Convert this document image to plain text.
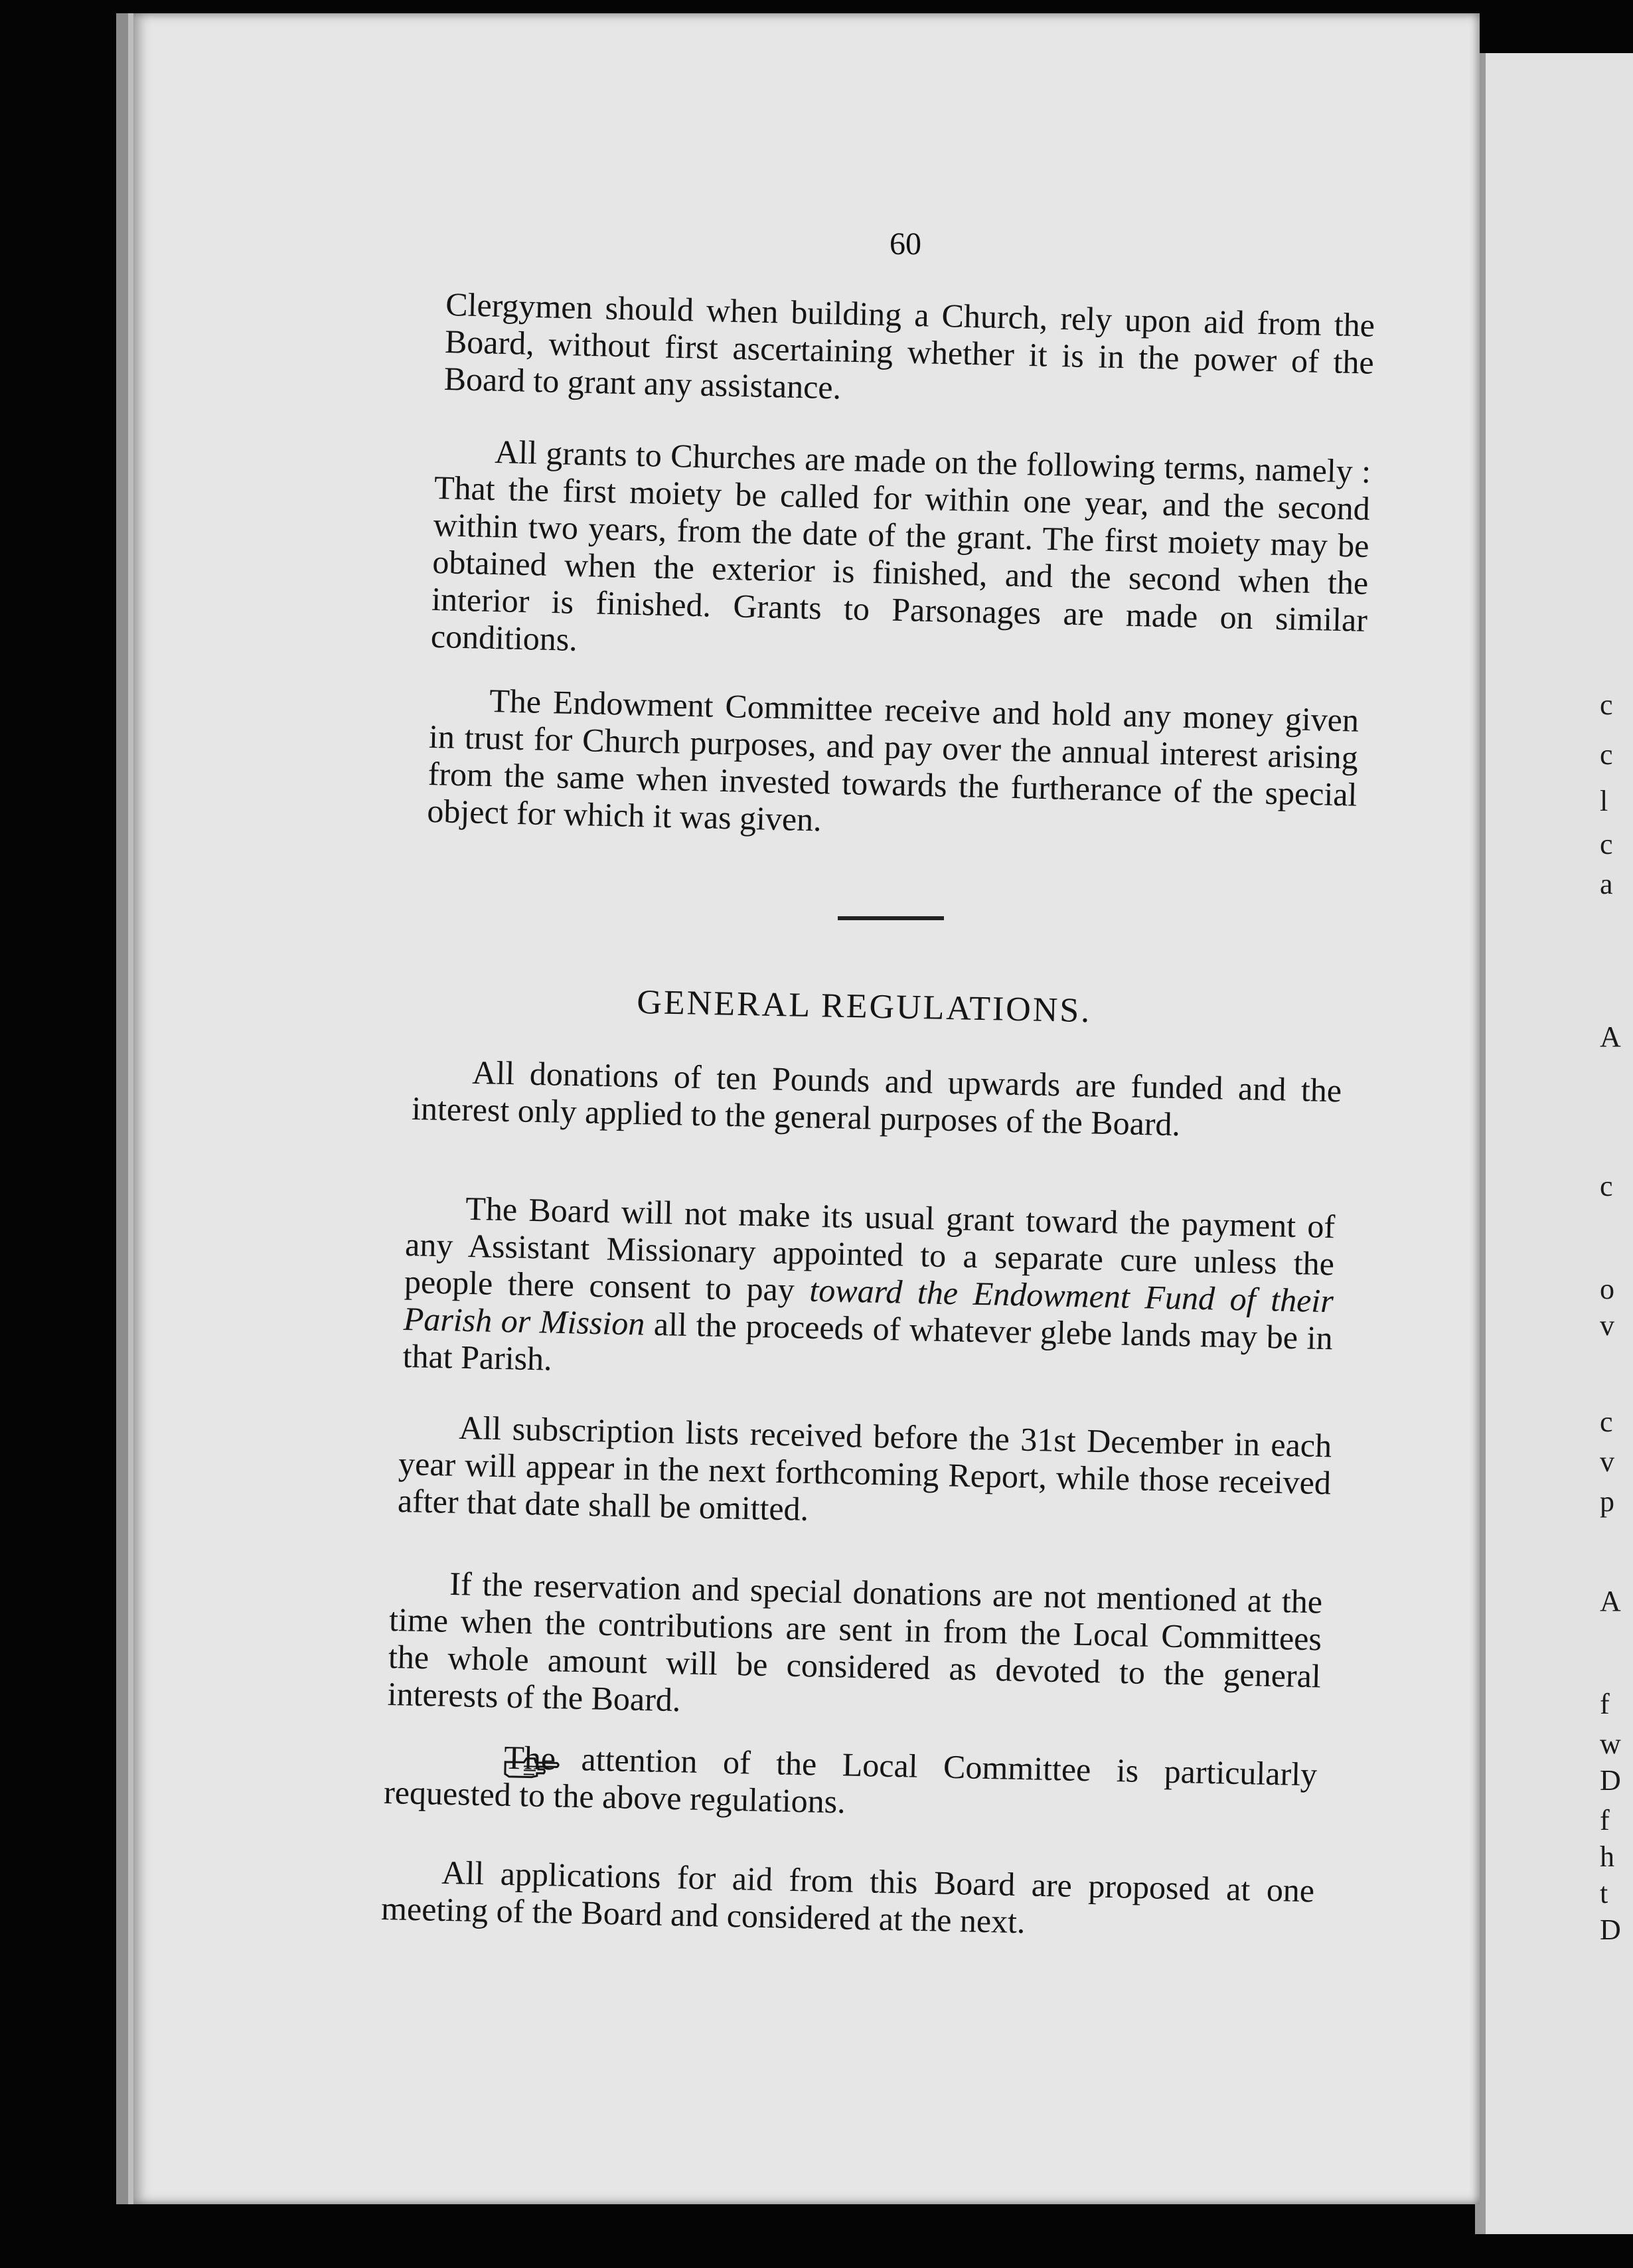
c
c
l
c
a
A
c
o
v
c
v
p
A
f
w
D
f
h
t
D
60

Clergymen should when building a Church, rely upon aid from the Board, without first ascertaining whether it is in the power of the Board to grant any assistance.

All grants to Churches are made on the following terms, namely : That the first moiety be called for within one year, and the second within two years, from the date of the grant. The first moiety may be obtained when the exterior is finished, and the second when the interior is finished. Grants to Parsonages are made on similar conditions.

The Endowment Committee receive and hold any money given in trust for Church purposes, and pay over the annual interest arising from the same when invested towards the furtherance of the special object for which it was given.

GENERAL REGULATIONS.

All donations of ten Pounds and upwards are funded and the interest only applied to the general purposes of the Board.

The Board will not make its usual grant toward the payment of any Assistant Missionary appointed to a separate cure unless the people there consent to pay toward the Endowment Fund of their Parish or Mission all the proceeds of whatever glebe lands may be in that Parish.

All subscription lists received before the 31st December in each year will appear in the next forthcoming Report, while those received after that date shall be omitted.

If the reservation and special donations are not mentioned at the time when the contributions are sent in from the Local Committees the whole amount will be considered as devoted to the general interests of the Board.

The attention of the Local Committee is particularly requested to the above regulations.

All applications for aid from this Board are proposed at one meeting of the Board and considered at the next.
